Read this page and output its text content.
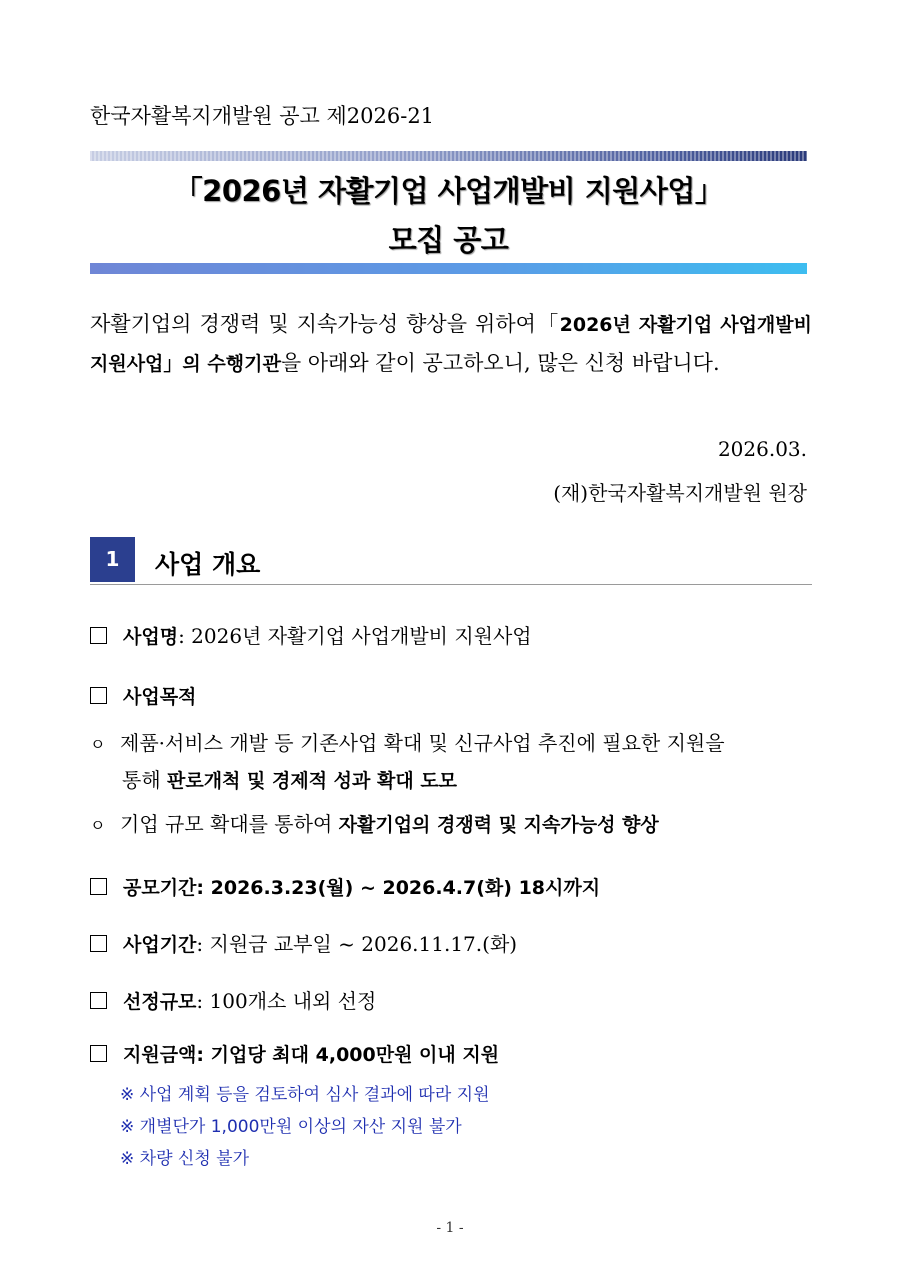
한국자활복지개발원 공고 제2026-21
「2026년 자활기업 사업개발비 지원사업」
모집 공고
자활기업의 경쟁력 및 지속가능성 향상을 위하여「2026년 자활기업 사업개발비 지원사업」의 수행기관을 아래와 같이 공고하오니, 많은 신청 바랍니다.
2026.03.
(재)한국자활복지개발원 원장
1	사업 개요
사업명: 2026년 자활기업 사업개발비 지원사업
사업목적
ㅇ 제품·서비스 개발 등 기존사업 확대 및 신규사업 추진에 필요한 지원을
통해 판로개척 및 경제적 성과 확대 도모
ㅇ 기업 규모 확대를 통하여 자활기업의 경쟁력 및 지속가능성 향상
공모기간: 2026.3.23(월) ~ 2026.4.7(화) 18시까지
사업기간: 지원금 교부일 ~ 2026.11.17.(화)
선정규모: 100개소 내외 선정
지원금액: 기업당 최대 4,000만원 이내 지원
※ 사업 계획 등을 검토하여 심사 결과에 따라 지원
※ 개별단가 1,000만원 이상의 자산 지원 불가
※ 차량 신청 불가
- 1 -
